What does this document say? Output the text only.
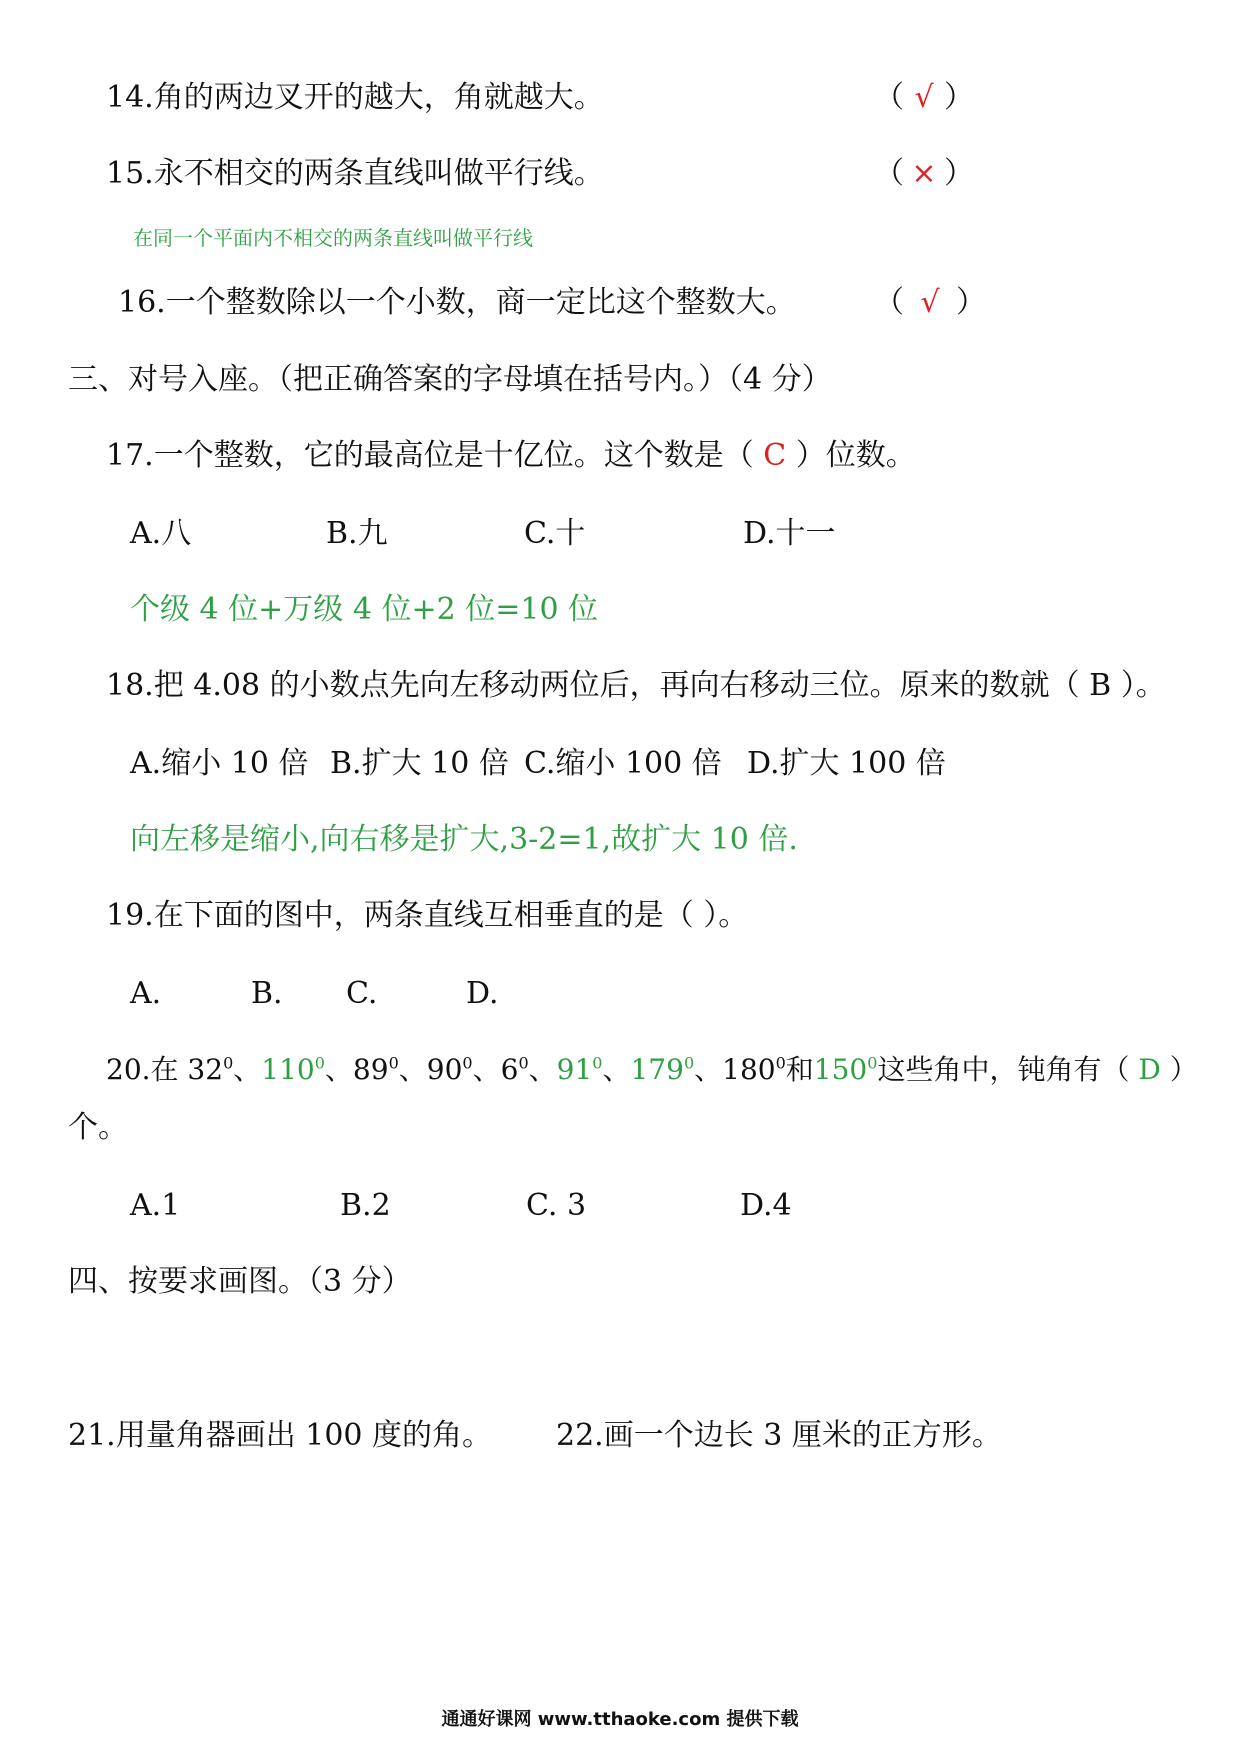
14.角的两边叉开的越大，角就越大。	（ √ ）
15.永不相交的两条直线叫做平行线。	（ × ）
在同一个平面内不相交的两条直线叫做平行线
16.一个整数除以一个小数，商一定比这个整数大。	（ √ ）
三、对号入座。（把正确答案的字母填在括号内。）（4 分）
17.一个整数，它的最高位是十亿位。这个数是（ C ）位数。
A.八	B.九	C.十	D.十一
个级 4 位+万级 4 位+2 位=10 位
18.把 4.08 的小数点先向左移动两位后，再向右移动三位。原来的数就（ B ）。
A.缩小 10 倍 B.扩大 10 倍 C.缩小 100 倍 D.扩大 100 倍
向左移是缩小,向右移是扩大,3-2=1,故扩大 10 倍.
19.在下面的图中，两条直线互相垂直的是（ ）。
A.	B. C.	D.
20.在 $32^0$、$110^0$、$89^0$、$90^0$、$6^0$、$91^0$、$179^0$、$180^0$和$150^0$这些角中，钝角有（ D ）
个。
A.1	B.2	C. 3	D.4
四、按要求画图。（3 分）
21.用量角器画出 100 度的角。 22.画一个边长 3 厘米的正方形。
通通好课网 www.tthaoke.com 提供下载
